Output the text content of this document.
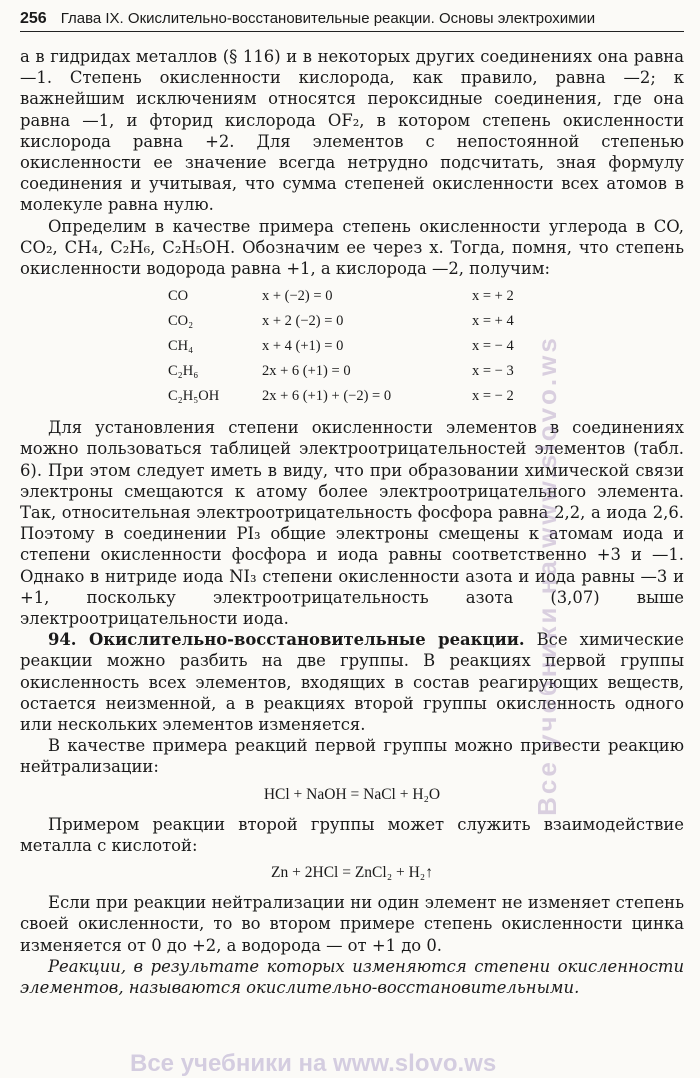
256 Глава IX. Окислительно-восстановительные реакции. Основы электрохимии

а в гидридах металлов (§ 116) и в некоторых других соединениях она равна —1. Степень окисленности кислорода, как правило, равна —2; к важнейшим исключениям относятся пероксидные соединения, где она равна —1, и фторид кислорода OF₂, в котором степень окисленности кислорода равна +2. Для элементов с непостоянной степенью окисленности ее значение всегда нетрудно подсчитать, зная формулу соединения и учитывая, что сумма степеней окисленности всех атомов в молекуле равна нулю.

Определим в качестве примера степень окисленности углерода в CO, CO₂, CH₄, C₂H₆, C₂H₅OH. Обозначим ее через x. Тогда, помня, что степень окисленности водорода равна +1, а кислорода —2, получим:

CO	x + (−2) = 0	x = + 2
CO₂	x + 2 (−2) = 0	x = + 4
CH₄	x + 4 (+1) = 0	x = − 4
C₂H₆	2x + 6 (+1) = 0	x = − 3
C₂H₅OH	2x + 6 (+1) + (−2) = 0	x = − 2

Для установления степени окисленности элементов в соединениях можно пользоваться таблицей электроотрицательностей элементов (табл. 6). При этом следует иметь в виду, что при образовании химической связи электроны смещаются к атому более электроотрицательного элемента. Так, относительная электроотрицательность фосфора равна 2,2, а иода 2,6. Поэтому в соединении PI₃ общие электроны смещены к атомам иода и степени окисленности фосфора и иода равны соответственно +3 и —1. Однако в нитриде иода NI₃ степени окисленности азота и иода равны —3 и +1, поскольку электроотрицательность азота (3,07) выше электроотрицательности иода.

94. Окислительно-восстановительные реакции. Все химические реакции можно разбить на две группы. В реакциях первой группы окисленность всех элементов, входящих в состав реагирующих веществ, остается неизменной, а в реакциях второй группы окисленность одного или нескольких элементов изменяется.

В качестве примера реакций первой группы можно привести реакцию нейтрализации:

HCl + NaOH = NaCl + H₂O

Примером реакции второй группы может служить взаимодействие металла с кислотой:

Zn + 2HCl = ZnCl₂ + H₂↑

Если при реакции нейтрализации ни один элемент не изменяет степень своей окисленности, то во втором примере степень окисленности цинка изменяется от 0 до +2, а водорода — от +1 до 0.

Реакции, в результате которых изменяются степени окисленности элементов, называются окислительно-восстановительными.

Все учебники на www.slovo.ws
Все учебники на www.slovo.ws
